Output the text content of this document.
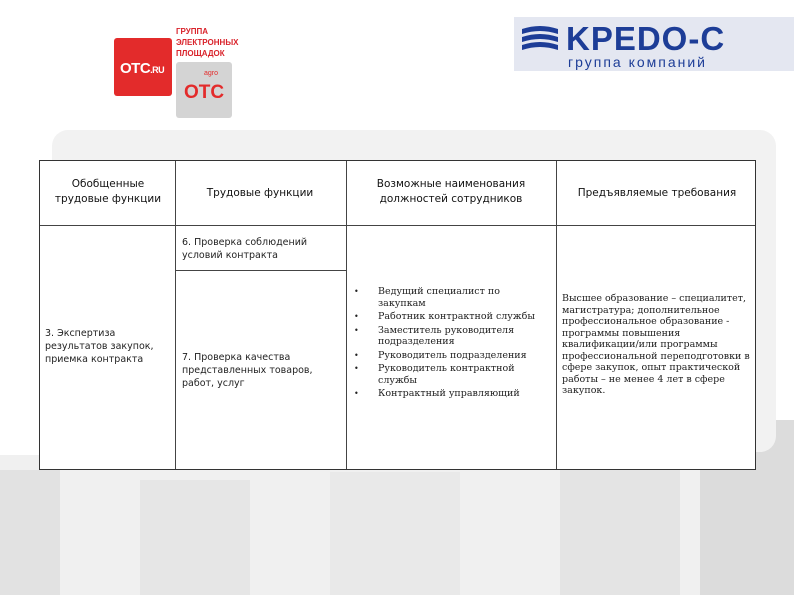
OTC.RU
ГРУППА ЭЛЕКТРОННЫХ ПЛОЩАДОК
agro
OTC
KPEDO-C
группа компаний
Обобщенные трудовые функции	Трудовые функции
Возможные наименования должностей сотрудников	Предъявляемые требования
3. Экспертиза результатов закупок, приемка контракта
6. Проверка соблюдений условий контракта
7. Проверка качества представленных товаров, работ, услуг
• Ведущий специалист по закупкам
• Работник контрактной службы
• Заместитель руководителя подразделения
• Руководитель подразделения
• Руководитель контрактной службы
• Контрактный управляющий
Высшее образование – специалитет, магистратура; дополнительное профессиональное образование - программы повышения квалификации/или программы профессиональной переподготовки в сфере закупок, опыт практической работы – не менее 4 лет в сфере закупок.
